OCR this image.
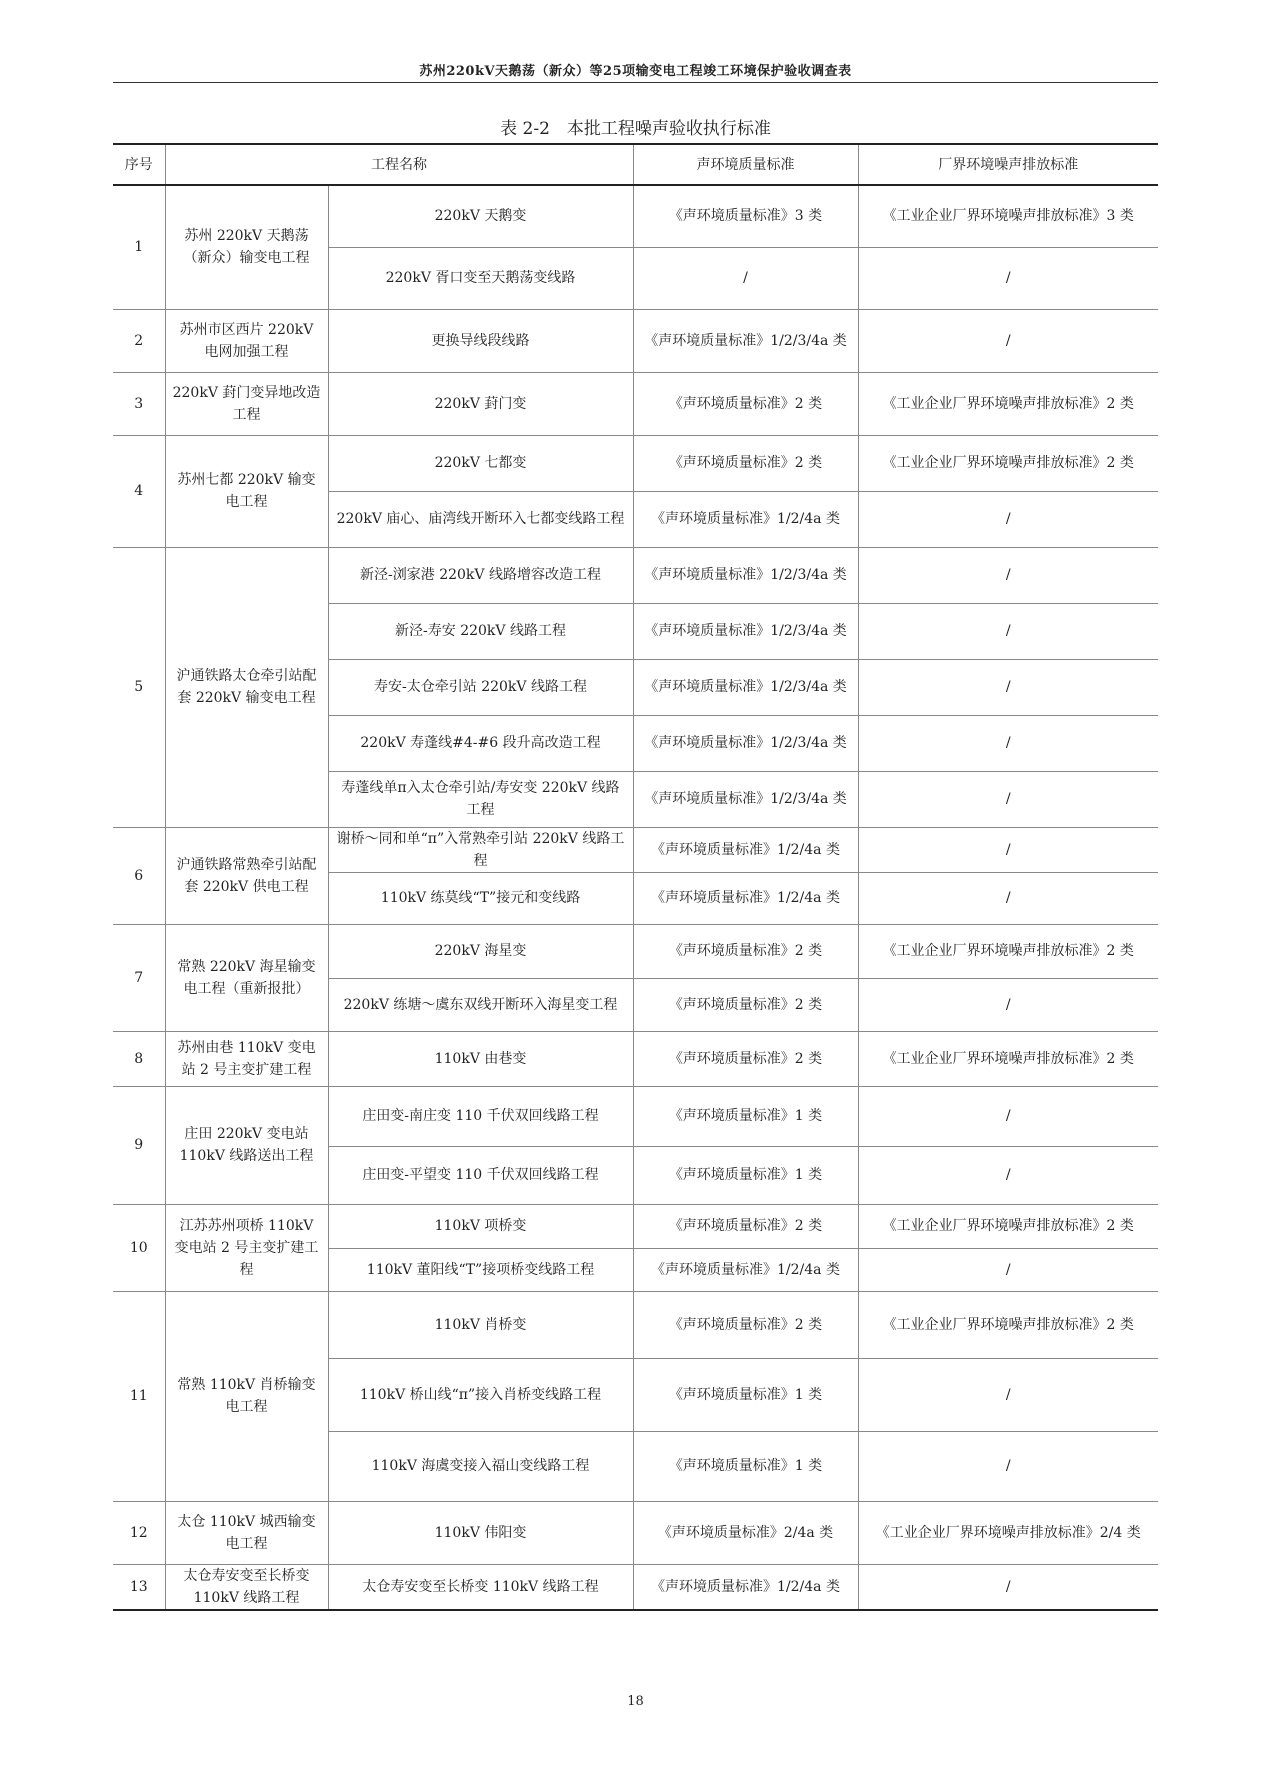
苏州220kV天鹅荡（新众）等25项输变电工程竣工环境保护验收调查表
表 2-2　本批工程噪声验收执行标准
序号	工程名称		声环境质量标准	厂界环境噪声排放标准
1	苏州 220kV 天鹅荡（新众）输变电工程	220kV 天鹅变	《声环境质量标准》3 类	《工业企业厂界环境噪声排放标准》3 类
		220kV 胥口变至天鹅荡变线路	/	/
2	苏州市区西片 220kV 电网加强工程	更换导线段线路	《声环境质量标准》1/2/3/4a 类	/
3	220kV 葑门变异地改造工程	220kV 葑门变	《声环境质量标准》2 类	《工业企业厂界环境噪声排放标准》2 类
4	苏州七都 220kV 输变电工程	220kV 七都变	《声环境质量标准》2 类	《工业企业厂界环境噪声排放标准》2 类
		220kV 庙心、庙湾线开断环入七都变线路工程	《声环境质量标准》1/2/4a 类	/
5	沪通铁路太仓牵引站配套 220kV 输变电工程	新泾-浏家港 220kV 线路增容改造工程	《声环境质量标准》1/2/3/4a 类	/
		新泾-寿安 220kV 线路工程	《声环境质量标准》1/2/3/4a 类	/
		寿安-太仓牵引站 220kV 线路工程	《声环境质量标准》1/2/3/4a 类	/
		220kV 寿蓬线#4-#6 段升高改造工程	《声环境质量标准》1/2/3/4a 类	/
		寿蓬线单π入太仓牵引站/寿安变 220kV 线路工程	《声环境质量标准》1/2/3/4a 类	/
6	沪通铁路常熟牵引站配套 220kV 供电工程	谢桥～同和单“π”入常熟牵引站 220kV 线路工程	《声环境质量标准》1/2/4a 类	/
		110kV 练莫线“T”接元和变线路	《声环境质量标准》1/2/4a 类	/
7	常熟 220kV 海星输变电工程（重新报批）	220kV 海星变	《声环境质量标准》2 类	《工业企业厂界环境噪声排放标准》2 类
		220kV 练塘～虞东双线开断环入海星变工程	《声环境质量标准》2 类	/
8	苏州由巷 110kV 变电站 2 号主变扩建工程	110kV 由巷变	《声环境质量标准》2 类	《工业企业厂界环境噪声排放标准》2 类
9	庄田 220kV 变电站 110kV 线路送出工程	庄田变-南庄变 110 千伏双回线路工程	《声环境质量标准》1 类	/
		庄田变-平望变 110 千伏双回线路工程	《声环境质量标准》1 类	/
10	江苏苏州项桥 110kV 变电站 2 号主变扩建工程	110kV 项桥变	《声环境质量标准》2 类	《工业企业厂界环境噪声排放标准》2 类
		110kV 董阳线“T”接项桥变线路工程	《声环境质量标准》1/2/4a 类	/
11	常熟 110kV 肖桥输变电工程	110kV 肖桥变	《声环境质量标准》2 类	《工业企业厂界环境噪声排放标准》2 类
		110kV 桥山线“π”接入肖桥变线路工程	《声环境质量标准》1 类	/
		110kV 海虞变接入福山变线路工程	《声环境质量标准》1 类	/
12	太仓 110kV 城西输变电工程	110kV 伟阳变	《声环境质量标准》2/4a 类	《工业企业厂界环境噪声排放标准》2/4 类
13	太仓寿安变至长桥变 110kV 线路工程	太仓寿安变至长桥变 110kV 线路工程	《声环境质量标准》1/2/4a 类	/
18
